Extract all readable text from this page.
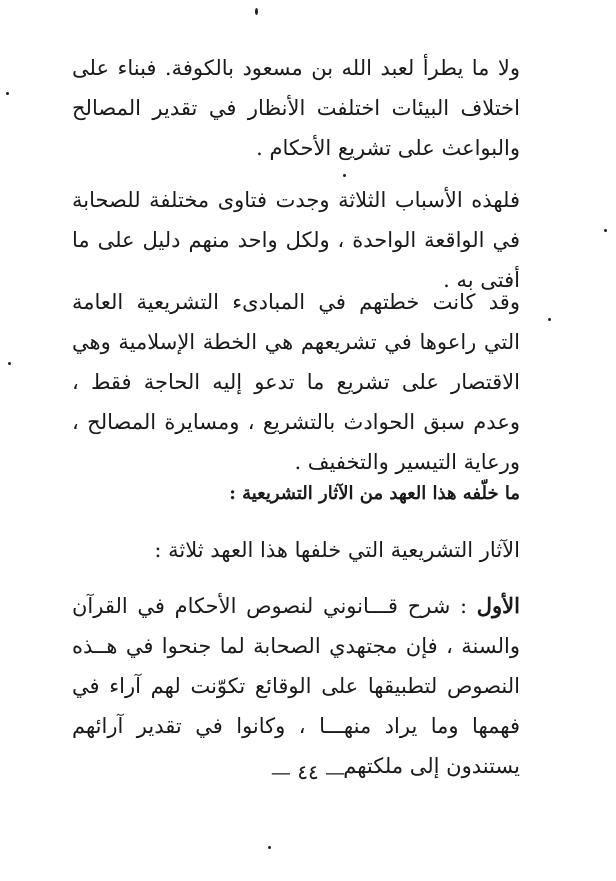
ولا ما يطرأ لعبد الله بن مسعود بالكوفة. فبناء على اختلاف البيئات اختلفت الأنظار في تقدير المصالح والبواعث على تشريع الأحكام .

فلهذه الأسباب الثلاثة وجدت فتاوى مختلفة للصحابة في الواقعة الواحدة ، ولكل واحد منهم دليل على ما أفتى به .

وقد كانت خطتهم في المبادىء التشريعية العامة التي راعوها في تشريعهم هي الخطة الإسلامية وهي الاقتصار على تشريع ما تدعو إليه الحاجة فقط ، وعدم سبق الحوادث بالتشريع ، ومسايرة المصالح ، ورعاية التيسير والتخفيف .

ما خلّفه هذا العهد من الآثار التشريعية :

الآثار التشريعية التي خلفها هذا العهد ثلاثة :

الأول : شرح قـــانوني لنصوص الأحكام في القرآن والسنة ، فإن مجتهدي الصحابة لما جنحوا في هــذه النصوص لتطبيقها على الوقائع تكوّنت لهم آراء في فهمها وما يراد منهـــا ، وكانوا في تقدير آرائهم يستندون إلى ملكتهم

— ٤٤ —
